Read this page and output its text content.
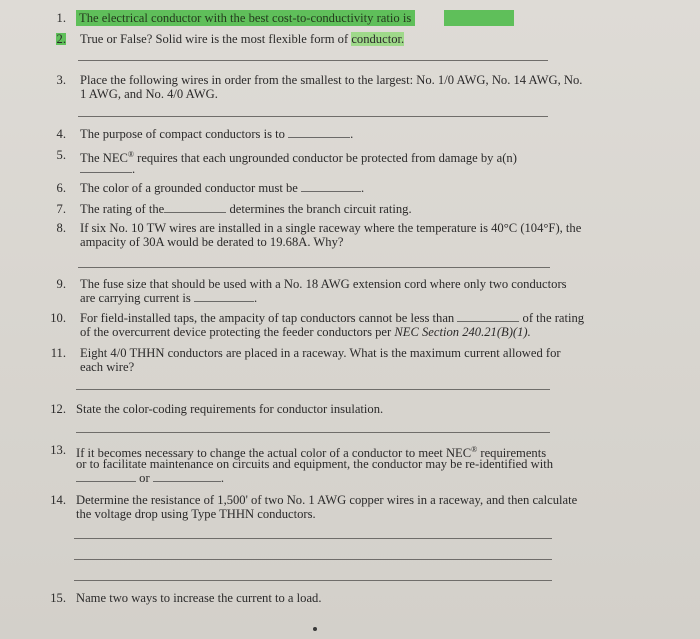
1. The electrical conductor with the best cost-to-conductivity ratio is
2. True or False? Solid wire is the most flexible form of conductor.
3. Place the following wires in order from the smallest to the largest: No. 1/0 AWG, No. 14 AWG, No.
1 AWG, and No. 4/0 AWG.
4. The purpose of compact conductors is to	.
5. The NEC® requires that each ungrounded conductor be protected from damage by a(n)
.
6. The color of a grounded conductor must be	.
7. The rating of the	determines the branch circuit rating.
8. If six No. 10 TW wires are installed in a single raceway where the temperature is 40°C (104°F), the
ampacity of 30A would be derated to 19.68A. Why?
9. The fuse size that should be used with a No. 18 AWG extension cord where only two conductors
are carrying current is	.
10. For field-installed taps, the ampacity of tap conductors cannot be less than	of the rating
of the overcurrent device protecting the feeder conductors per NEC Section 240.21(B)(1).
11. Eight 4/0 THHN conductors are placed in a raceway. What is the maximum current allowed for
each wire?
12. State the color-coding requirements for conductor insulation.
13. If it becomes necessary to change the actual color of a conductor to meet NEC® requirements
or to facilitate maintenance on circuits and equipment, the conductor may be re-identified with
or	.
14. Determine the resistance of 1,500' of two No. 1 AWG copper wires in a raceway, and then calculate
the voltage drop using Type THHN conductors.
15. Name two ways to increase the current to a load.
